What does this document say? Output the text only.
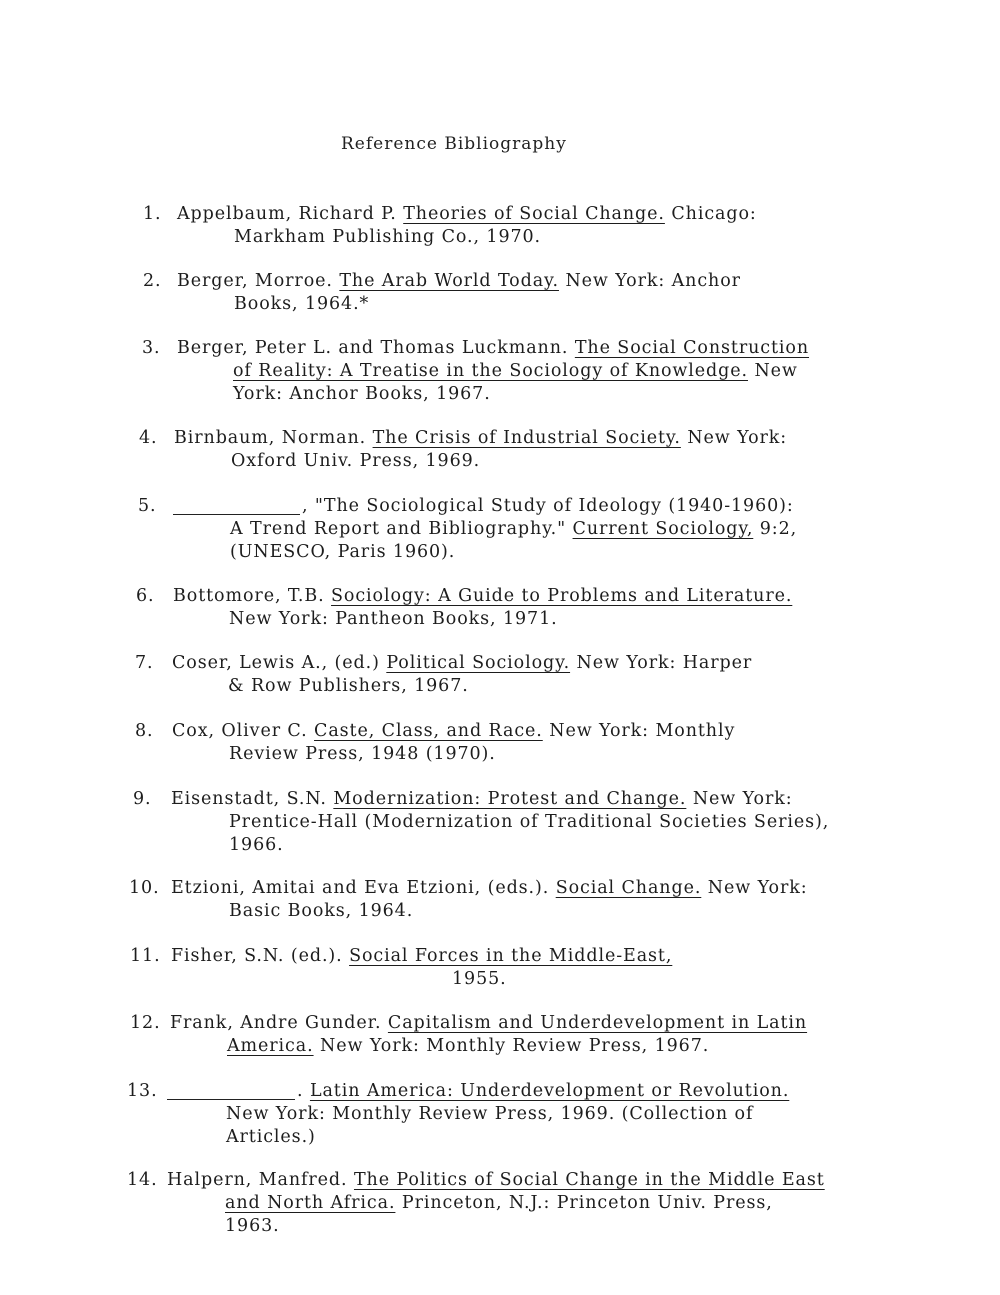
Reference Bibliography
1. Appelbaum, Richard P. Theories of Social Change. Chicago:
Markham Publishing Co., 1970.
2. Berger, Morroe. The Arab World Today. New York: Anchor
Books, 1964.*
3. Berger, Peter L. and Thomas Luckmann. The Social Construction
of Reality: A Treatise in the Sociology of Knowledge. New
York: Anchor Books, 1967.
4. Birnbaum, Norman. The Crisis of Industrial Society. New York:
Oxford Univ. Press, 1969.
5.	, "The Sociological Study of Ideology (1940-1960):
A Trend Report and Bibliography." Current Sociology, 9:2,
(UNESCO, Paris 1960).
6. Bottomore, T.B. Sociology: A Guide to Problems and Literature.
New York: Pantheon Books, 1971.
7. Coser, Lewis A., (ed.) Political Sociology. New York: Harper
& Row Publishers, 1967.
8. Cox, Oliver C. Caste, Class, and Race. New York: Monthly
Review Press, 1948 (1970).
9. Eisenstadt, S.N. Modernization: Protest and Change. New York:
Prentice-Hall (Modernization of Traditional Societies Series),
1966.
10. Etzioni, Amitai and Eva Etzioni, (eds.). Social Change. New York:
Basic Books, 1964.
11. Fisher, S.N. (ed.). Social Forces in the Middle-East,
1955.
12. Frank, Andre Gunder. Capitalism and Underdevelopment in Latin
America. New York: Monthly Review Press, 1967.
13.	. Latin America: Underdevelopment or Revolution.
New York: Monthly Review Press, 1969. (Collection of
Articles.)
14. Halpern, Manfred. The Politics of Social Change in the Middle East
and North Africa. Princeton, N.J.: Princeton Univ. Press,
1963.
